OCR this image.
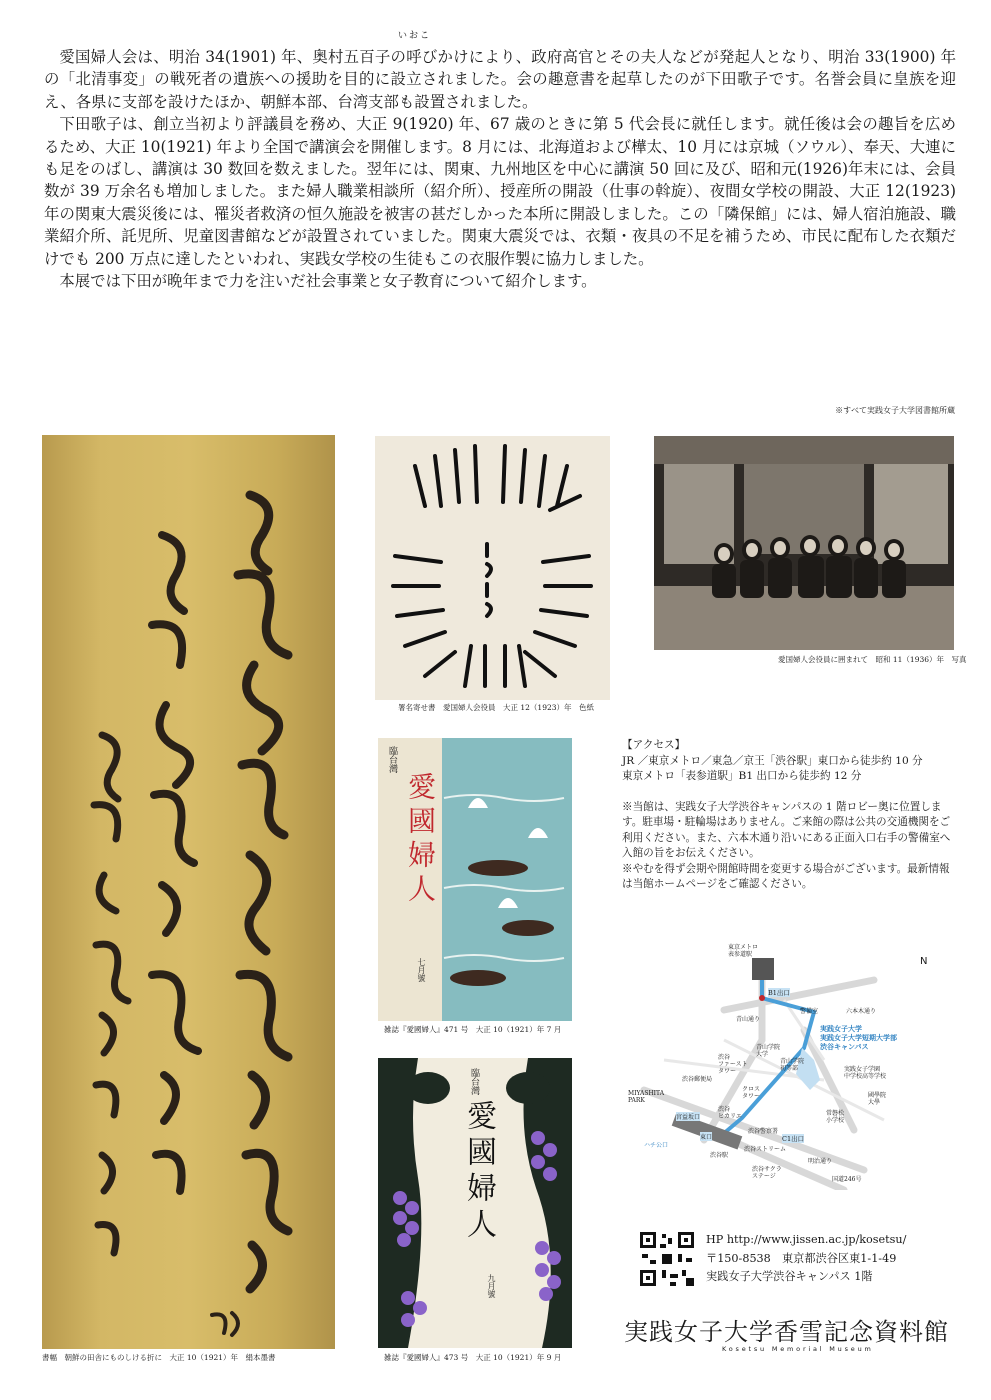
いおこ

愛国婦人会は、明治 34(1901) 年、奥村五百子の呼びかけにより、政府高官とその夫人などが発起人となり、明治 33(1900) 年の「北清事変」の戦死者の遺族への援助を目的に設立されました。会の趣意書を起草したのが下田歌子です。名誉会員に皇族を迎え、各県に支部を設けたほか、朝鮮本部、台湾支部も設置されました。

下田歌子は、創立当初より評議員を務め、大正 9(1920) 年、67 歳のときに第 5 代会長に就任します。就任後は会の趣旨を広めるため、大正 10(1921) 年より全国で講演会を開催します。8 月には、北海道および樺太、10 月には京城（ソウル）、奉天、大連にも足をのばし、講演は 30 数回を数えました。翌年には、関東、九州地区を中心に講演 50 回に及び、昭和元(1926)年末には、会員数が 39 万余名も増加しました。また婦人職業相談所（紹介所）、授産所の開設（仕事の斡旋）、夜間女学校の開設、大正 12(1923) 年の関東大震災後には、罹災者救済の恒久施設を被害の甚だしかった本所に開設しました。この「隣保館」には、婦人宿泊施設、職業紹介所、託児所、児童図書館などが設置されていました。関東大震災では、衣類・夜具の不足を補うため、市民に配布した衣類だけでも 200 万点に達したといわれ、実践女学校の生徒もこの衣服作製に協力しました。

本展では下田が晩年まで力を注いだ社会事業と女子教育について紹介します。

※すべて実践女子大学図書館所蔵
書幅　朝鮮の田舎にものしける折に　大正 10（1921）年　絹本墨書
署名寄せ書　愛国婦人会役員　大正 12（1923）年　色紙
愛国婦人会役員に囲まれて　昭和 11（1936）年　写真
臨台灣
愛國婦人
七月號
雑誌『愛國婦人』471 号　大正 10（1921）年 7 月
臨台灣
愛國婦人
九月號
雑誌『愛國婦人』473 号　大正 10（1921）年 9 月

【アクセス】

JR ／東京メトロ／東急／京王「渋谷駅」東口から徒歩約 10 分

東京メトロ「表参道駅」B1 出口から徒歩約 12 分

※当館は、実践女子大学渋谷キャンパスの 1 階ロビー奥に位置します。駐車場・駐輪場はありません。ご来館の際は公共の交通機関をご利用ください。また、六本木通り沿いにある正面入口右手の警備室へ入館の旨をお伝えください。

※やむを得ず会期や開館時間を変更する場合がございます。最新情報は当館ホームページをご確認ください。

東京メトロ
表参道駅
B1出口
青山通り
警備室	六本木通り
青山学院
大学
青山学院
初等部
実践女子大学
実践女子大学短期大学部
渋谷キャンパス
実践女子学園
中学校高等学校
渋谷
ファースト
タワー
國學院
大學
渋谷郵便局
クロス
タワー
MIYASHITA
PARK
宮益坂口
渋谷
ヒカリエ
渋谷警察署
常磐松
小学校
ハチ公口
東口	C1出口
渋谷駅
渋谷ストリーム
明治通り
渋谷サクラ
ステージ	国道246号
N

HP http://www.jissen.ac.jp/kosetsu/

〒150-8538　東京都渋谷区東1-1-49

実践女子大学渋谷キャンパス 1階

実践女子大学香雪記念資料館
Kosetsu Memorial Museum
